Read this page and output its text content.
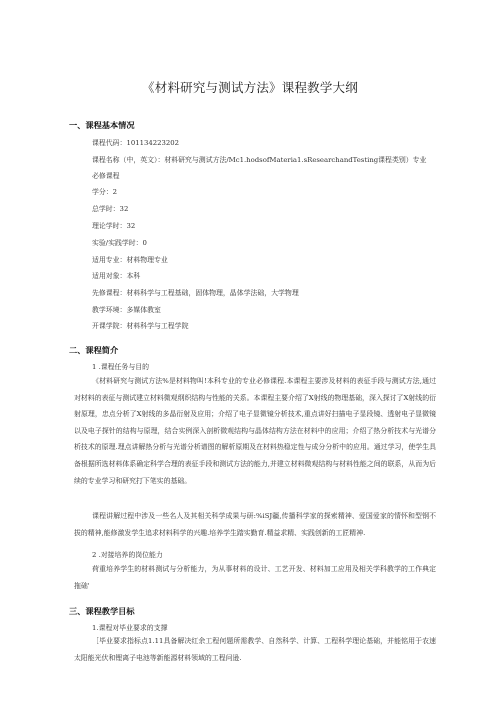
《材料研究与测试方法》课程教学大纲
一、课程基本情况
课程代码：101134223202
课程名称（中，英文）：材料研究与测试方法/Mc1.hodsofMateria1.sResearchandTesting课程类别）专业
必修课程
学分：2
总学时：32
理论学时：32
实验/实践学时：0
适用专业：材料物理专业
适用对象：本科
先修课程：材料科学与工程基础，固体物理，晶体学法础，大学物理
教学环境：多媒体教室
开课学院：材料科学与工程学院
二、课程简介
1 .课程任务与目的
《材料研究与测试方法%是材料物叫!本科专业的专业必修课程.本课程主要涉及材料的表征手段与测试方法,通过对材料的表征与测试建立材料微观纲织结构与性能的关系。本课程主要介绍了X射线的物理基础，深入探讨了X射线的衍射原理，忠点分析了X射线的多晶衍射及应用；介绍了电子显微镜分析技术,重点讲好扫描电子显段镜、透射电子显微镜以及电子探针的结构与原理，结合实例深入剖析微观结构与晶体结构方法在材料中的应用；介绍了热分析技术与光谱分析技术的原理.理点讲解热分析与光谱分析谱图的解析原期及在材料热稳定性与成分分析中的应用。通过学习，使学生具备根据所选材料体系确定科学合理的表征手段和测试方法的能力,并建立材料微观结构与材料性能之间的联系，从而为后续的专业学习和研究打下笔实的基础。
课程讲解过程中涉及一些名人及其相关科学成果与研:%iSJ疆,传播科学家的探索精神、爱国爱家的情怀和型钢不拔的精神,能修激发学生追求材料科学的兴趣.培养学生踏实勤育.精益求精、实践创新的工匠精神.
2 .对接培养的岗位能力
荷重培养学生的材料测试与分析能力，为从事材料的设计、工艺开发、材料加工应用及相关学科教学的工作典定拖础'
三、课程教学目标
1.课程对毕业要求的支撑
［毕业要求指标点1.11具备解决红余工程何题所需教学、自然科学、计算、工程科学理论基础，并能铭用于农速太阳能光伏和锂离子电池等新能源材料领域的工程问逊.
